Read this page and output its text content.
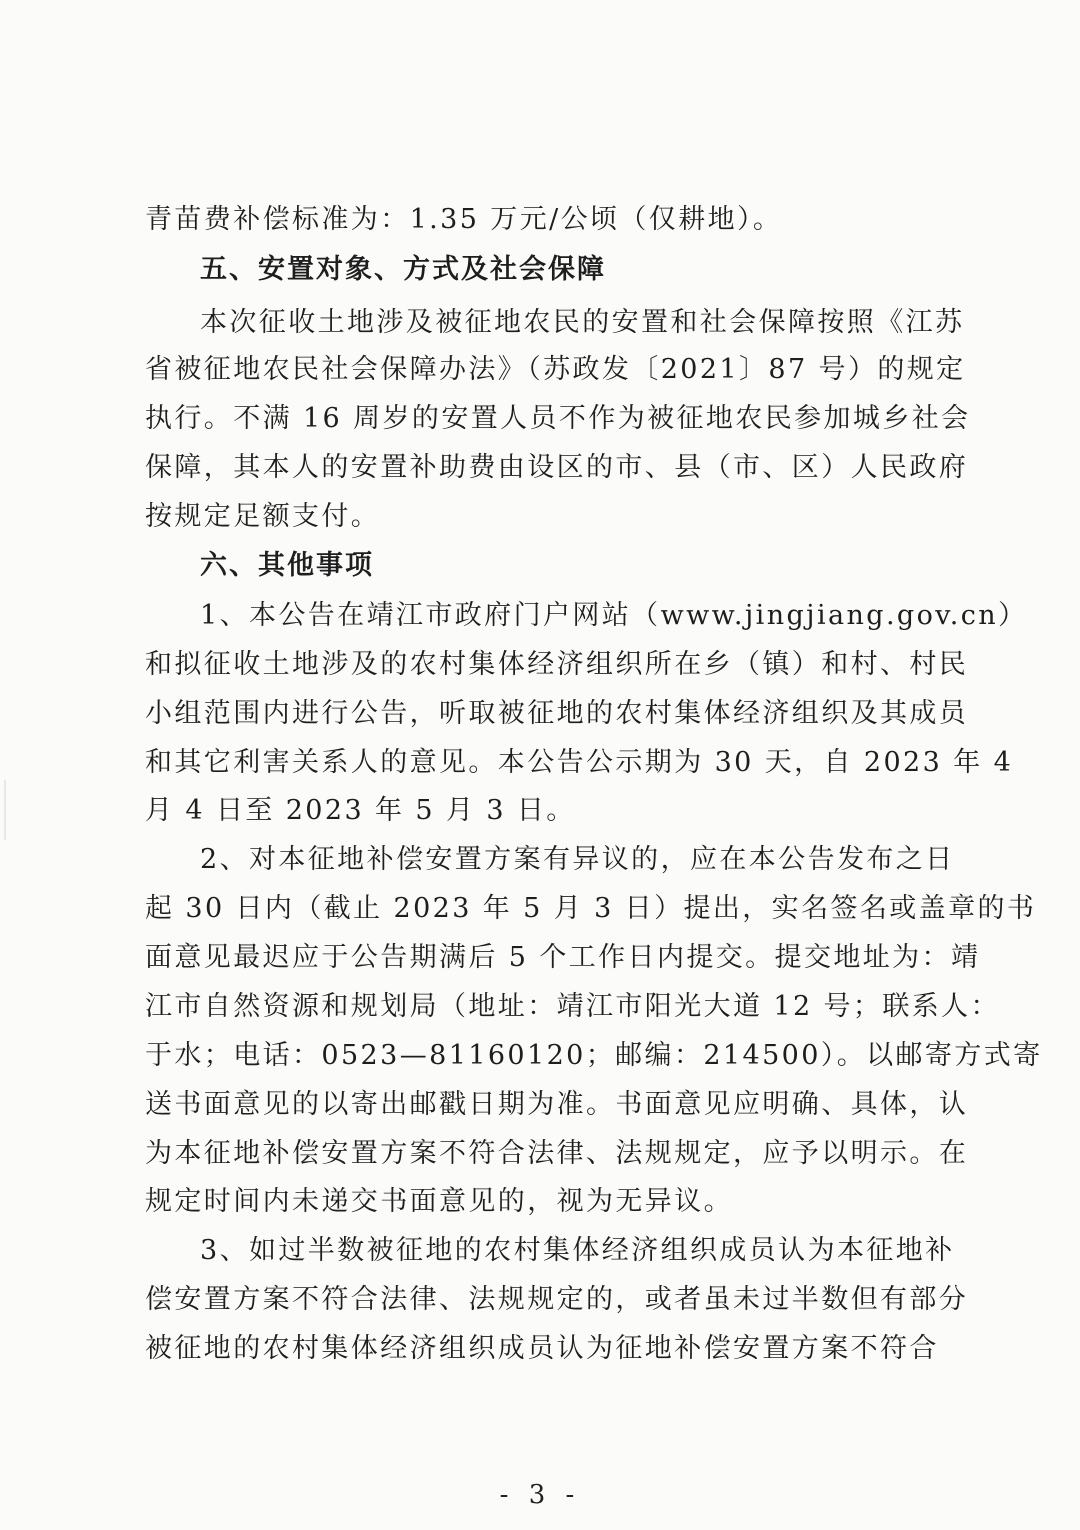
青苗费补偿标准为：1.35 万元/公顷（仅耕地）。
五、安置对象、方式及社会保障
本次征收土地涉及被征地农民的安置和社会保障按照《江苏
省被征地农民社会保障办法》（苏政发〔2021〕87 号）的规定
执行。不满 16 周岁的安置人员不作为被征地农民参加城乡社会
保障，其本人的安置补助费由设区的市、县（市、区）人民政府
按规定足额支付。
六、其他事项
1、本公告在靖江市政府门户网站（www.jingjiang.gov.cn）
和拟征收土地涉及的农村集体经济组织所在乡（镇）和村、村民
小组范围内进行公告，听取被征地的农村集体经济组织及其成员
和其它利害关系人的意见。本公告公示期为 30 天，自 2023 年 4
月 4 日至 2023 年 5 月 3 日。
2、对本征地补偿安置方案有异议的，应在本公告发布之日
起 30 日内（截止 2023 年 5 月 3 日）提出，实名签名或盖章的书
面意见最迟应于公告期满后 5 个工作日内提交。提交地址为：靖
江市自然资源和规划局（地址：靖江市阳光大道 12 号；联系人：
于水；电话：0523—81160120；邮编：214500）。以邮寄方式寄
送书面意见的以寄出邮戳日期为准。书面意见应明确、具体，认
为本征地补偿安置方案不符合法律、法规规定，应予以明示。在
规定时间内未递交书面意见的，视为无异议。
3、如过半数被征地的农村集体经济组织成员认为本征地补
偿安置方案不符合法律、法规规定的，或者虽未过半数但有部分
被征地的农村集体经济组织成员认为征地补偿安置方案不符合
- 3 -
